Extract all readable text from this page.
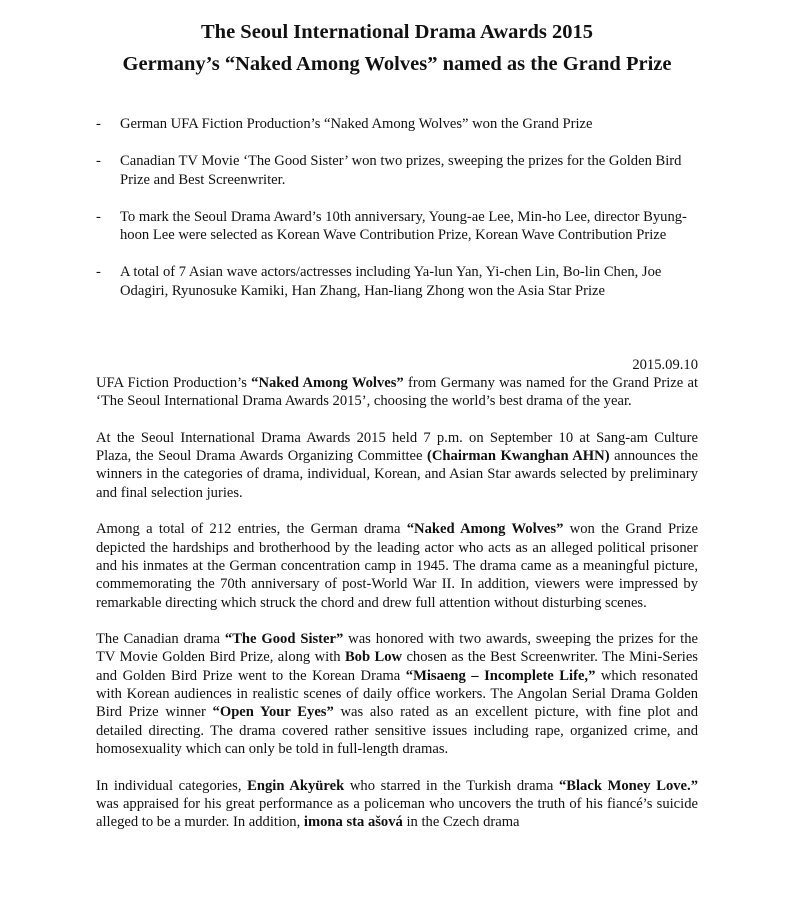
The Seoul International Drama Awards 2015
Germany’s “Naked Among Wolves” named as the Grand Prize
- German UFA Fiction Production’s “Naked Among Wolves” won the Grand Prize
- Canadian TV Movie ‘The Good Sister’ won two prizes, sweeping the prizes for the Golden Bird Prize and Best Screenwriter.
- To mark the Seoul Drama Award’s 10th anniversary, Young-ae Lee, Min-ho Lee, director Byung-hoon Lee were selected as Korean Wave Contribution Prize, Korean Wave Contribution Prize
- A total of 7 Asian wave actors/actresses including Ya-lun Yan, Yi-chen Lin, Bo-lin Chen, Joe Odagiri, Ryunosuke Kamiki, Han Zhang, Han-liang Zhong won the Asia Star Prize
2015.09.10

UFA Fiction Production’s “Naked Among Wolves” from Germany was named for the Grand Prize at ‘The Seoul International Drama Awards 2015’, choosing the world’s best drama of the year.

At the Seoul International Drama Awards 2015 held 7 p.m. on September 10 at Sang-am Culture Plaza, the Seoul Drama Awards Organizing Committee (Chairman Kwanghan AHN) announces the winners in the categories of drama, individual, Korean, and Asian Star awards selected by preliminary and final selection juries.

Among a total of 212 entries, the German drama “Naked Among Wolves” won the Grand Prize depicted the hardships and brotherhood by the leading actor who acts as an alleged political prisoner and his inmates at the German concentration camp in 1945. The drama came as a meaningful picture, commemorating the 70th anniversary of post-World War II. In addition, viewers were impressed by remarkable directing which struck the chord and drew full attention without disturbing scenes.

The Canadian drama “The Good Sister” was honored with two awards, sweeping the prizes for the TV Movie Golden Bird Prize, along with Bob Low chosen as the Best Screenwriter. The Mini-Series and Golden Bird Prize went to the Korean Drama “Misaeng – Incomplete Life,” which resonated with Korean audiences in realistic scenes of daily office workers. The Angolan Serial Drama Golden Bird Prize winner “Open Your Eyes” was also rated as an excellent picture, with fine plot and detailed directing. The drama covered rather sensitive issues including rape, organized crime, and homosexuality which can only be told in full-length dramas.

In individual categories, Engin Akyürek who starred in the Turkish drama “Black Money Love.” was appraised for his great performance as a policeman who uncovers the truth of his fiancé’s suicide alleged to be a murder. In addition, imona sta ašová in the Czech drama
